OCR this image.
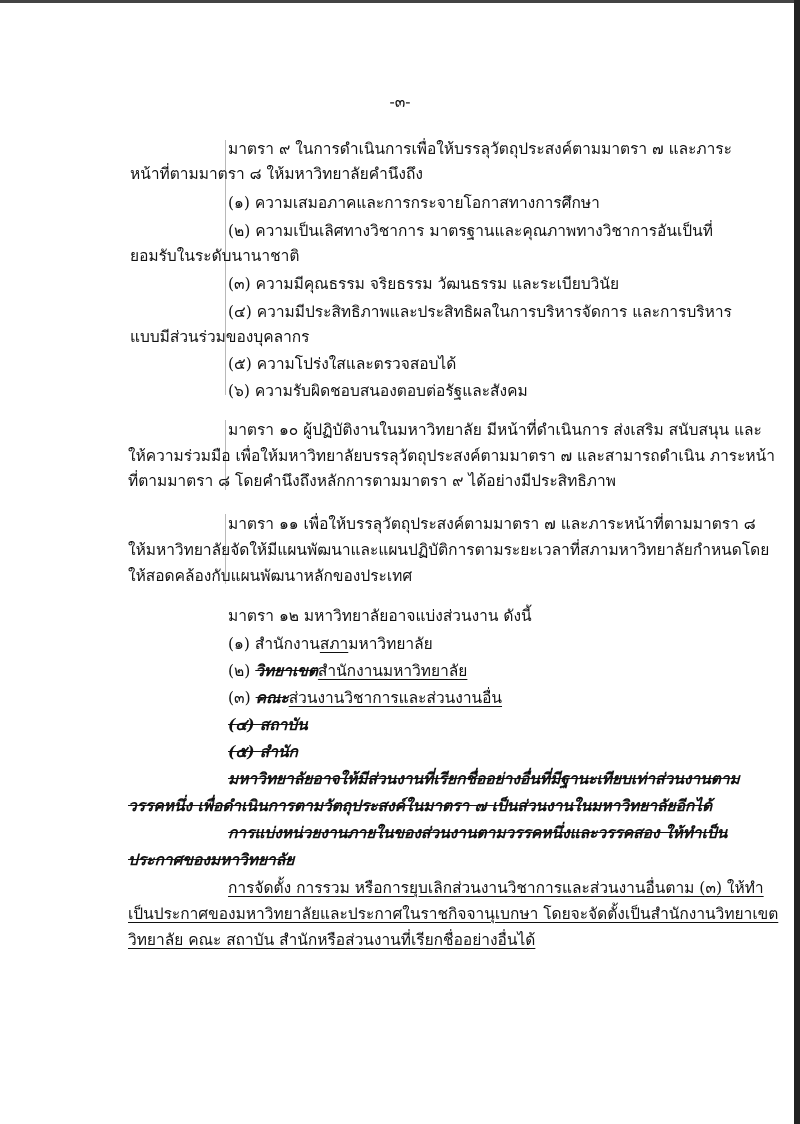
-๓-
มาตรา ๙ ในการดำเนินการเพื่อให้บรรลุวัตถุประสงค์ตามมาตรา ๗ และภาระ
หน้าที่ตามมาตรา ๘ ให้มหาวิทยาลัยคำนึงถึง
(๑) ความเสมอภาคและการกระจายโอกาสทางการศึกษา
(๒) ความเป็นเลิศทางวิชาการ มาตรฐานและคุณภาพทางวิชาการอันเป็นที่
ยอมรับในระดับนานาชาติ
(๓) ความมีคุณธรรม จริยธรรม วัฒนธรรม และระเบียบวินัย
(๔) ความมีประสิทธิภาพและประสิทธิผลในการบริหารจัดการ และการบริหาร
แบบมีส่วนร่วมของบุคลากร
(๕) ความโปร่งใสและตรวจสอบได้
(๖) ความรับผิดชอบสนองตอบต่อรัฐและสังคม
มาตรา ๑๐ ผู้ปฏิบัติงานในมหาวิทยาลัย มีหน้าที่ดำเนินการ ส่งเสริม สนับสนุน และ
ให้ความร่วมมือ เพื่อให้มหาวิทยาลัยบรรลุวัตถุประสงค์ตามมาตรา ๗ และสามารถดำเนิน ภาระหน้า
ที่ตามมาตรา ๘ โดยคำนึงถึงหลักการตามมาตรา ๙ ได้อย่างมีประสิทธิภาพ
มาตรา ๑๑ เพื่อให้บรรลุวัตถุประสงค์ตามมาตรา ๗ และภาระหน้าที่ตามมาตรา ๘
ให้มหาวิทยาลัยจัดให้มีแผนพัฒนาและแผนปฏิบัติการตามระยะเวลาที่สภามหาวิทยาลัยกำหนดโดย
ให้สอดคล้องกับแผนพัฒนาหลักของประเทศ
มาตรา ๑๒ มหาวิทยาลัยอาจแบ่งส่วนงาน ดังนี้
(๑) สำนักงานสภามหาวิทยาลัย
(๒) วิทยาเขตสำนักงานมหาวิทยาลัย
(๓) คณะส่วนงานวิชาการและส่วนงานอื่น
(๔) สถาบัน
(๕) สำนัก
มหาวิทยาลัยอาจให้มีส่วนงานที่เรียกชื่ออย่างอื่นที่มีฐานะเทียบเท่าส่วนงานตาม
วรรคหนึ่ง เพื่อดำเนินการตามวัตถุประสงค์ในมาตรา ๗ เป็นส่วนงานในมหาวิทยาลัยอีกได้
การแบ่งหน่วยงานภายในของส่วนงานตามวรรคหนึ่งและวรรคสอง ให้ทำเป็น
ประกาศของมหาวิทยาลัย
การจัดตั้ง การรวม หรือการยุบเลิกส่วนงานวิชาการและส่วนงานอื่นตาม (๓) ให้ทำ
เป็นประกาศของมหาวิทยาลัยและประกาศในราชกิจจานุเบกษา โดยจะจัดตั้งเป็นสำนักงานวิทยาเขต
วิทยาลัย คณะ สถาบัน สำนักหรือส่วนงานที่เรียกชื่ออย่างอื่นได้
